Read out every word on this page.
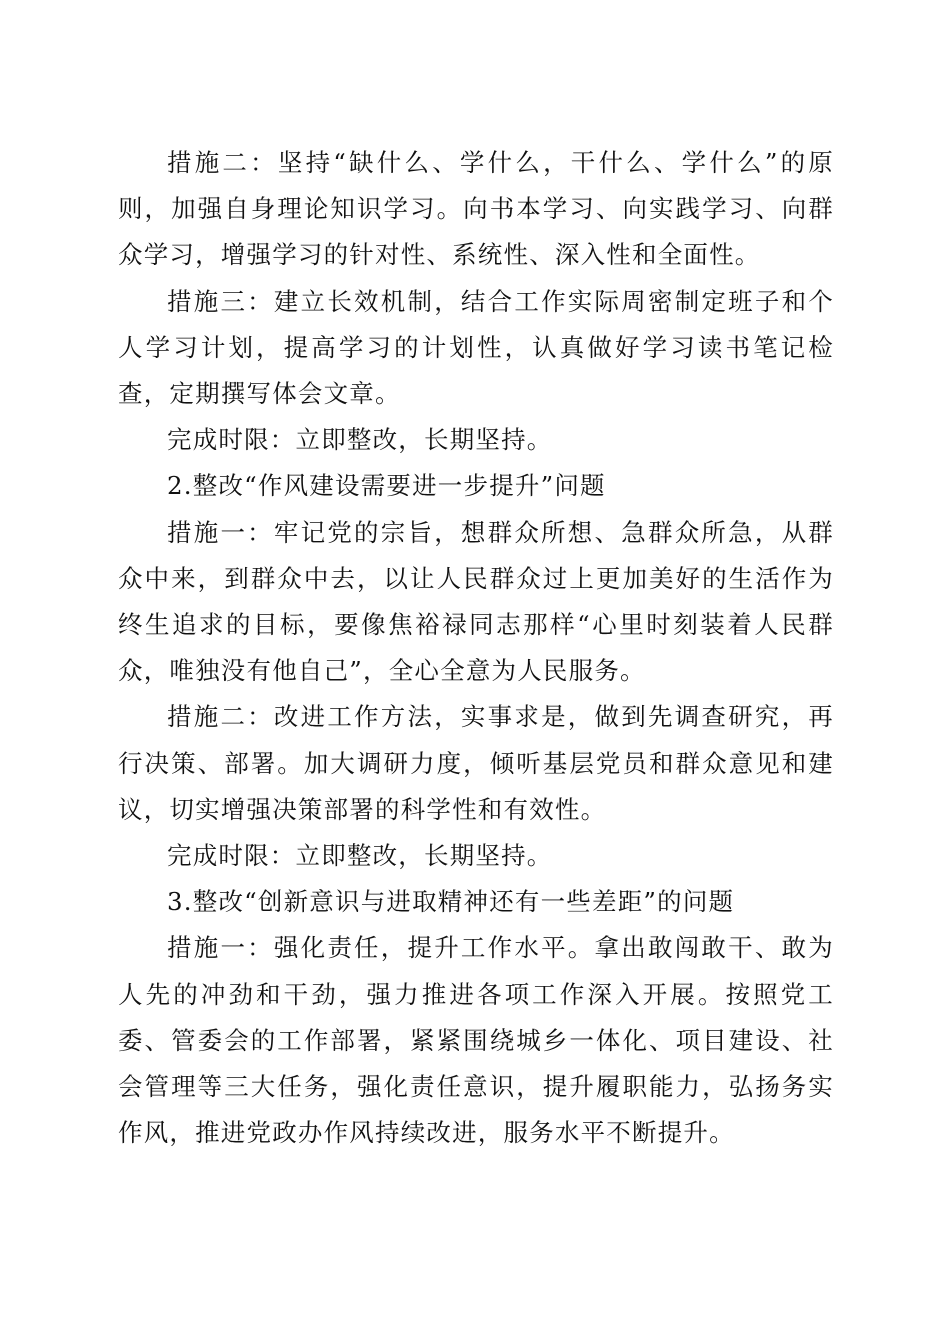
措施二：坚持“缺什么、学什么，干什么、学什么”的原则，加强自身理论知识学习。向书本学习、向实践学习、向群众学习，增强学习的针对性、系统性、深入性和全面性。

措施三：建立长效机制，结合工作实际周密制定班子和个人学习计划，提高学习的计划性，认真做好学习读书笔记检查，定期撰写体会文章。

完成时限：立即整改，长期坚持。

2.整改“作风建设需要进一步提升”问题

措施一：牢记党的宗旨，想群众所想、急群众所急，从群众中来，到群众中去，以让人民群众过上更加美好的生活作为终生追求的目标，要像焦裕禄同志那样“心里时刻装着人民群众，唯独没有他自己”，全心全意为人民服务。

措施二：改进工作方法，实事求是，做到先调查研究，再行决策、部署。加大调研力度，倾听基层党员和群众意见和建议，切实增强决策部署的科学性和有效性。

完成时限：立即整改，长期坚持。

3.整改“创新意识与进取精神还有一些差距”的问题

措施一：强化责任，提升工作水平。拿出敢闯敢干、敢为人先的冲劲和干劲，强力推进各项工作深入开展。按照党工委、管委会的工作部署，紧紧围绕城乡一体化、项目建设、社会管理等三大任务，强化责任意识，提升履职能力，弘扬务实作风，推进党政办作风持续改进，服务水平不断提升。
